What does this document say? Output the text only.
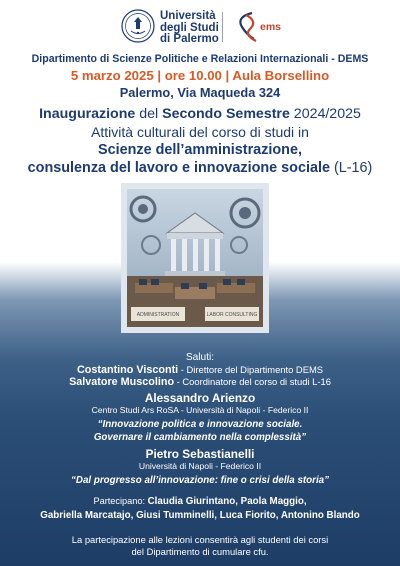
Università
degli Studi
di Palermo
ems
Dipartimento di Scienze Politiche e Relazioni Internazionali - DEMS
5 marzo 2025 | ore 10.00 | Aula Borsellino
Palermo, Via Maqueda 324
Inaugurazione del Secondo Semestre 2024/2025
Attività culturali del corso di studi in
Scienze dell’amministrazione,
consulenza del lavoro e innovazione sociale (L-16)
ADMINISTRATION	LABOR CONSULTING
Saluti:
Costantino Visconti - Direttore del Dipartimento DEMS
Salvatore Muscolino - Coordinatore del corso di studi L-16
Alessandro Arienzo
Centro Studi Ars RoSA - Università di Napoli - Federico II
“Innovazione politica e innovazione sociale.
Governare il cambiamento nella complessità”
Pietro Sebastianelli
Università di Napoli - Federico II
“Dal progresso all’innovazione: fine o crisi della storia”
Partecipano: Claudia Giurintano, Paola Maggio,
Gabriella Marcatajo, Giusi Tumminelli, Luca Fiorito, Antonino Blando
La partecipazione alle lezioni consentirà agli studenti dei corsi
del Dipartimento di cumulare cfu.
